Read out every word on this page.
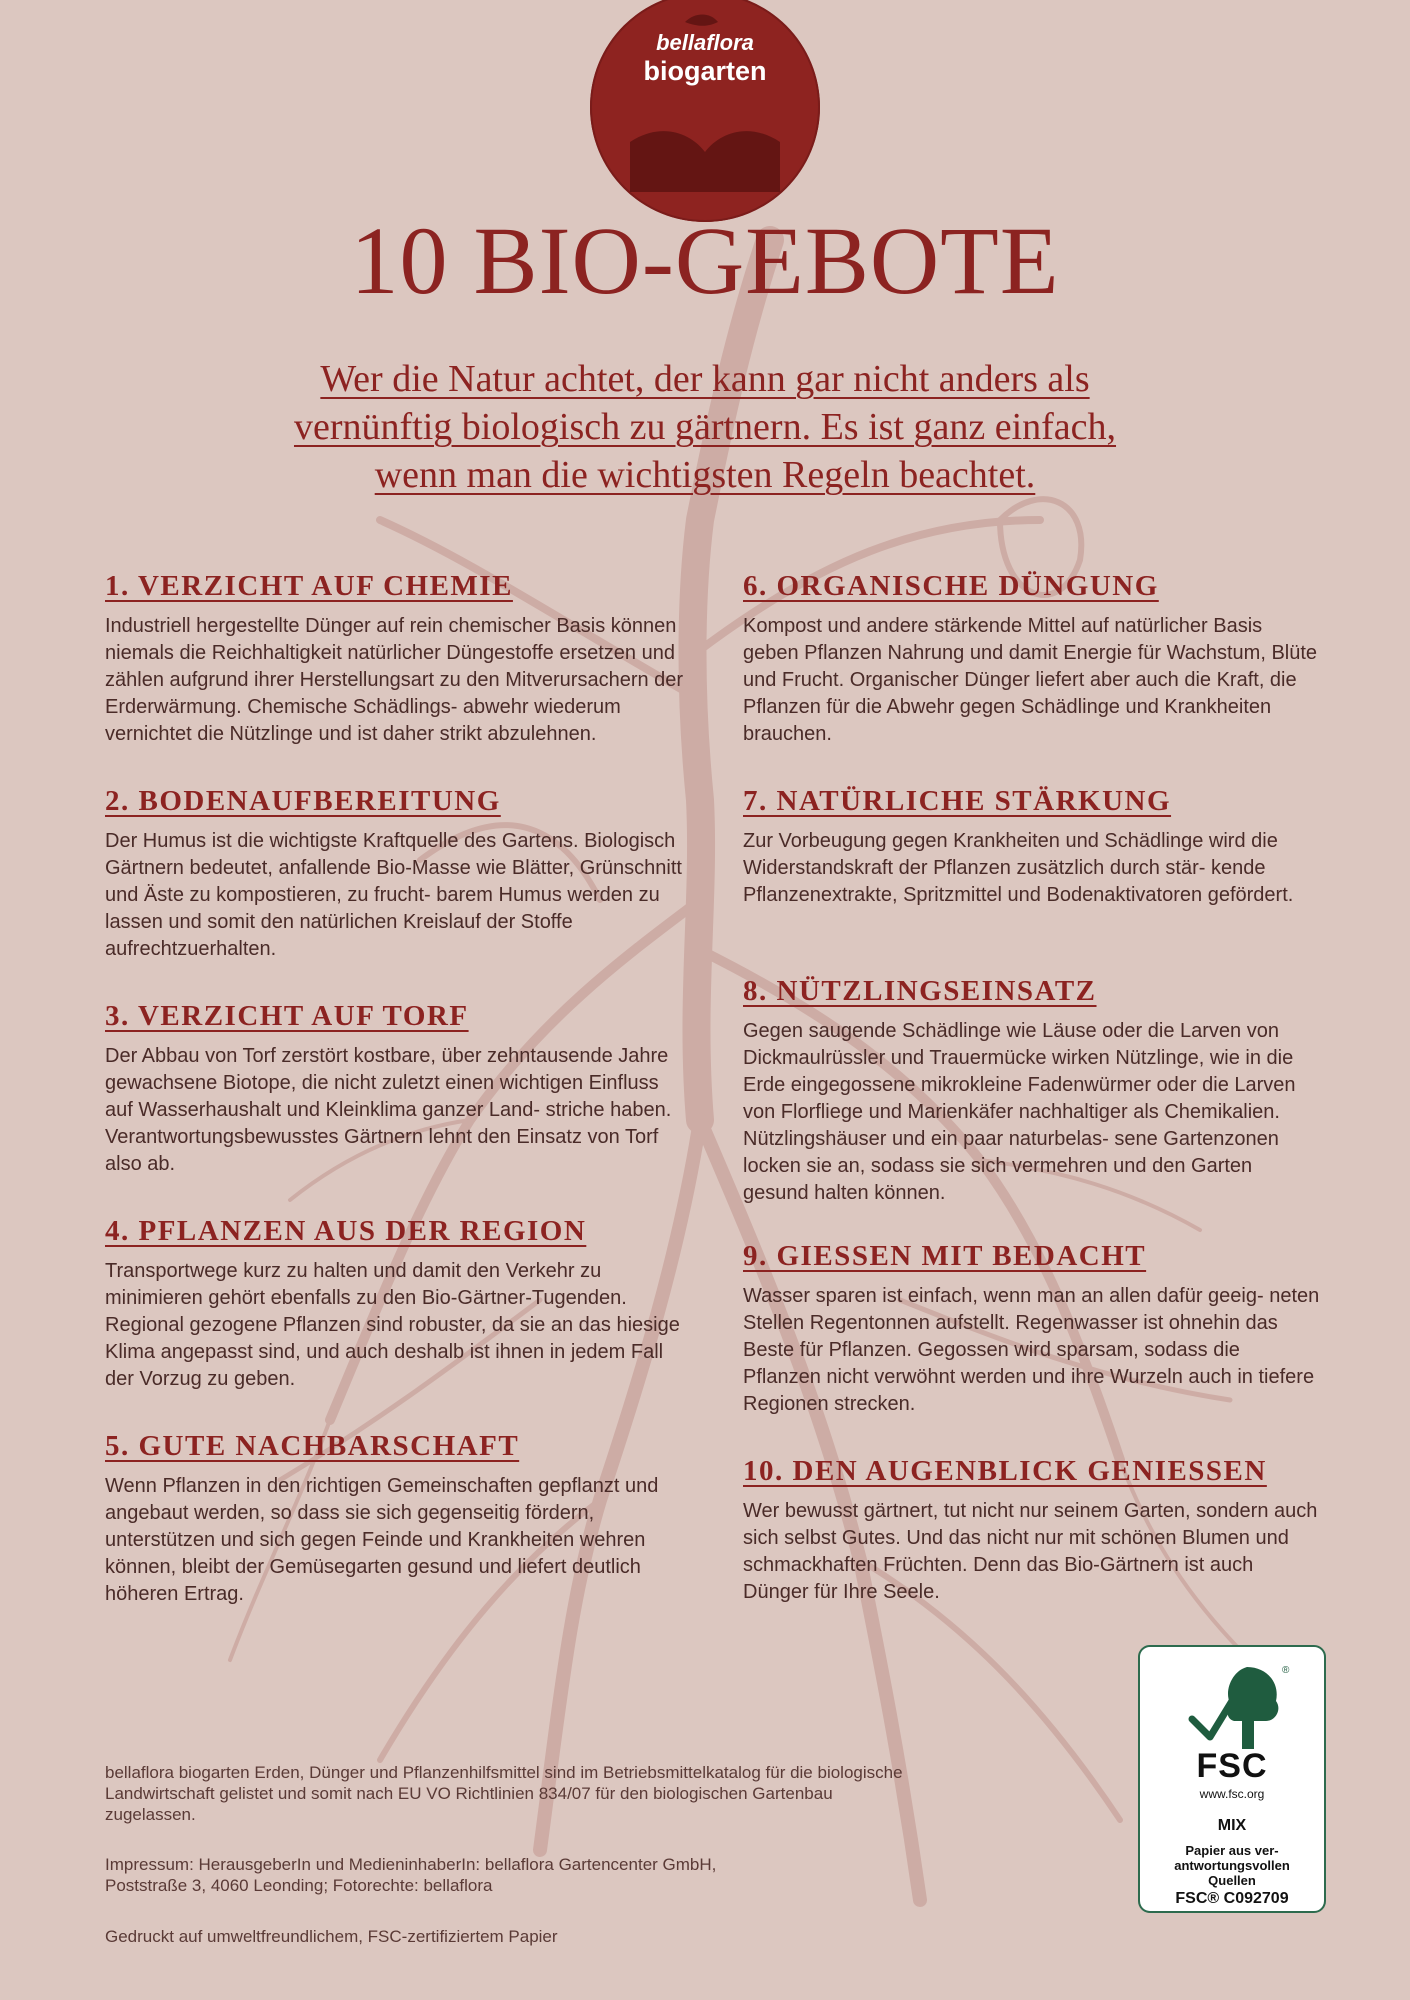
bellaflora
biogarten
10 BIO-GEBOTE
Wer die Natur achtet, der kann gar nicht anders als
vernünftig biologisch zu gärtnern. Es ist ganz einfach,
wenn man die wichtigsten Regeln beachtet.
1. VERZICHT AUF CHEMIE

Industriell hergestellte Dünger auf rein chemischer Basis können niemals die Reichhaltigkeit natürlicher Düngestoffe ersetzen und zählen aufgrund ihrer Herstellungsart zu den Mitverursachern der Erderwärmung. Chemische Schädlings- abwehr wiederum vernichtet die Nützlinge und ist daher strikt abzulehnen.

2. BODENAUFBEREITUNG

Der Humus ist die wichtigste Kraftquelle des Gartens. Biologisch Gärtnern bedeutet, anfallende Bio-Masse wie Blätter, Grünschnitt und Äste zu kompostieren, zu frucht- barem Humus werden zu lassen und somit den natürlichen Kreislauf der Stoffe aufrechtzuerhalten.

3. VERZICHT AUF TORF

Der Abbau von Torf zerstört kostbare, über zehntausende Jahre gewachsene Biotope, die nicht zuletzt einen wichtigen Einfluss auf Wasserhaushalt und Kleinklima ganzer Land- striche haben. Verantwortungsbewusstes Gärtnern lehnt den Einsatz von Torf also ab.

4. PFLANZEN AUS DER REGION

Transportwege kurz zu halten und damit den Verkehr zu minimieren gehört ebenfalls zu den Bio-Gärtner-Tugenden. Regional gezogene Pflanzen sind robuster, da sie an das hiesige Klima angepasst sind, und auch deshalb ist ihnen in jedem Fall der Vorzug zu geben.

5. GUTE NACHBARSCHAFT

Wenn Pflanzen in den richtigen Gemeinschaften gepflanzt und angebaut werden, so dass sie sich gegenseitig fördern, unterstützen und sich gegen Feinde und Krankheiten wehren können, bleibt der Gemüsegarten gesund und liefert deutlich höheren Ertrag.

6. ORGANISCHE DÜNGUNG

Kompost und andere stärkende Mittel auf natürlicher Basis geben Pflanzen Nahrung und damit Energie für Wachstum, Blüte und Frucht. Organischer Dünger liefert aber auch die Kraft, die Pflanzen für die Abwehr gegen Schädlinge und Krankheiten brauchen.

7. NATÜRLICHE STÄRKUNG

Zur Vorbeugung gegen Krankheiten und Schädlinge wird die Widerstandskraft der Pflanzen zusätzlich durch stär- kende Pflanzenextrakte, Spritzmittel und Bodenaktivatoren gefördert.

8. NÜTZLINGSEINSATZ

Gegen saugende Schädlinge wie Läuse oder die Larven von Dickmaulrüssler und Trauermücke wirken Nützlinge, wie in die Erde eingegossene mikrokleine Fadenwürmer oder die Larven von Florfliege und Marienkäfer nachhaltiger als Chemikalien. Nützlingshäuser und ein paar naturbelas- sene Gartenzonen locken sie an, sodass sie sich vermehren und den Garten gesund halten können.

9. GIESSEN MIT BEDACHT

Wasser sparen ist einfach, wenn man an allen dafür geeig- neten Stellen Regentonnen aufstellt. Regenwasser ist ohnehin das Beste für Pflanzen. Gegossen wird sparsam, sodass die Pflanzen nicht verwöhnt werden und ihre Wurzeln auch in tiefere Regionen strecken.

10. DEN AUGENBLICK GENIESSEN

Wer bewusst gärtnert, tut nicht nur seinem Garten, sondern auch sich selbst Gutes. Und das nicht nur mit schönen Blumen und schmackhaften Früchten. Denn das Bio-Gärtnern ist auch Dünger für Ihre Seele.

bellaflora biogarten Erden, Dünger und Pflanzenhilfsmittel sind im Betriebsmittelkatalog für die biologische Landwirtschaft gelistet und somit nach EU VO Richtlinien 834/07 für den biologischen Gartenbau zugelassen.
Impressum: HerausgeberIn und MedieninhaberIn: bellaflora Gartencenter GmbH,
Poststraße 3, 4060 Leonding; Fotorechte: bellaflora
Gedruckt auf umweltfreundlichem, FSC-zertifiziertem Papier
®
FSC
www.fsc.org
MIX
Papier aus ver- antwortungsvollen Quellen
FSC® C092709
